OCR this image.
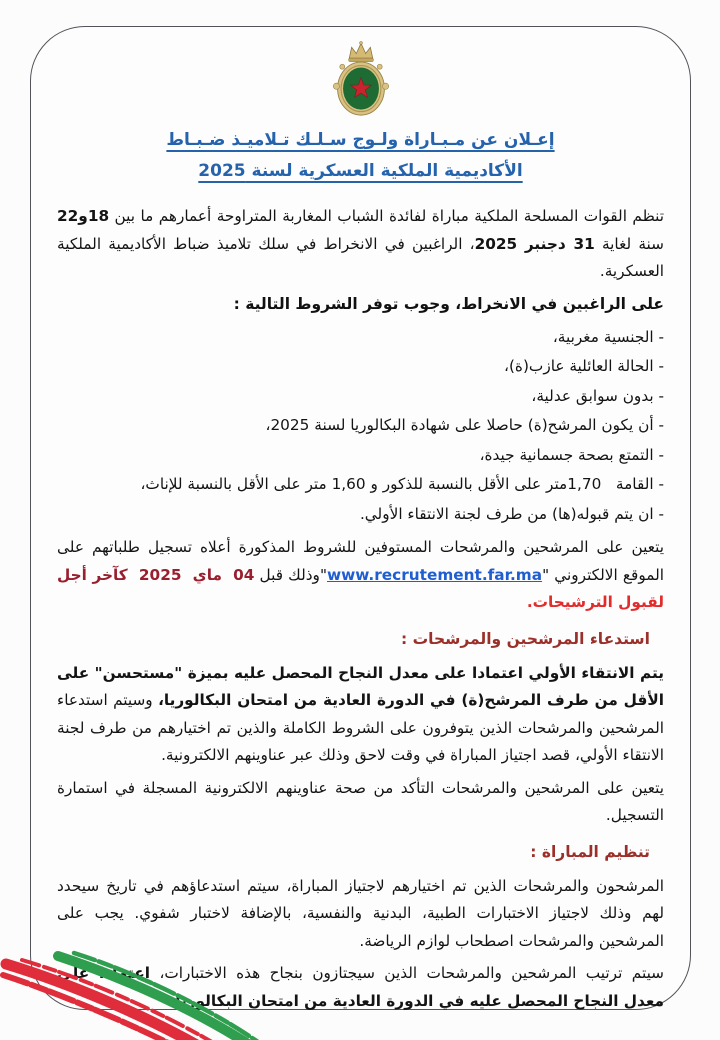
إعـلان عن مـبـاراة ولـوج سـلـك تـلاميـذ ضـبـاط
الأكاديمية الملكية العسكرية لسنة 2025

تنظم القوات المسلحة الملكية مباراة لفائدة الشباب المغاربة المتراوحة أعمارهم ما بين 18و22 سنة لغاية 31 دجنبر 2025، الراغبين في الانخراط في سلك تلاميذ ضباط الأكاديمية الملكية العسكرية.

على الراغبين في الانخراط، وجوب توفر الشروط التالية :

- الجنسية مغربية،
- الحالة العائلية عازب(ة)،
- بدون سوابق عدلية،
- أن يكون المرشح(ة) حاصلا على شهادة البكالوريا لسنة 2025،
- التمتع بصحة جسمانية جيدة،
- القامة   1,70متر على الأقل بالنسبة للذكور و 1,60 متر على الأقل بالنسبة للإناث،
- ان يتم قبوله(ها) من طرف لجنة الانتقاء الأولي.

يتعين على المرشحين والمرشحات المستوفين للشروط المذكورة أعلاه تسجيل طلباتهم على الموقع الالكتروني "www.recrutement.far.ma"وذلك قبل 04  ماي  2025  كآخر أجل لقبول الترشيحات.

استدعاء المرشحين والمرشحات :

يتم الانتقاء الأولي اعتمادا على معدل النجاح المحصل عليه بميزة "مستحسن" على الأقل من طرف المرشح(ة) في الدورة العادية من امتحان البكالوريا، وسيتم استدعاء المرشحين والمرشحات الذين يتوفرون على الشروط الكاملة والذين تم اختيارهم من طرف لجنة الانتقاء الأولي، قصد اجتياز المباراة في وقت لاحق وذلك عبر عناوينهم الالكترونية.

يتعين على المرشحين والمرشحات التأكد من صحة عناوينهم الالكترونية المسجلة في استمارة التسجيل.

تنظيم المباراة :

المرشحون والمرشحات الذين تم اختيارهم لاجتياز المباراة، سيتم استدعاؤهم في تاريخ سيحدد لهم وذلك لاجتياز الاختبارات الطبية، البدنية والنفسية، بالإضافة لاختبار شفوي. يجب على المرشحين والمرشحات اصطحاب لوازم الرياضة.

سيتم ترتيب المرشحين والمرشحات الذين سيجتازون بنجاح هذه الاختبارات، اعتمادا على معدل النجاح المحصل عليه في الدورة العادية من امتحان البكالوريا.
